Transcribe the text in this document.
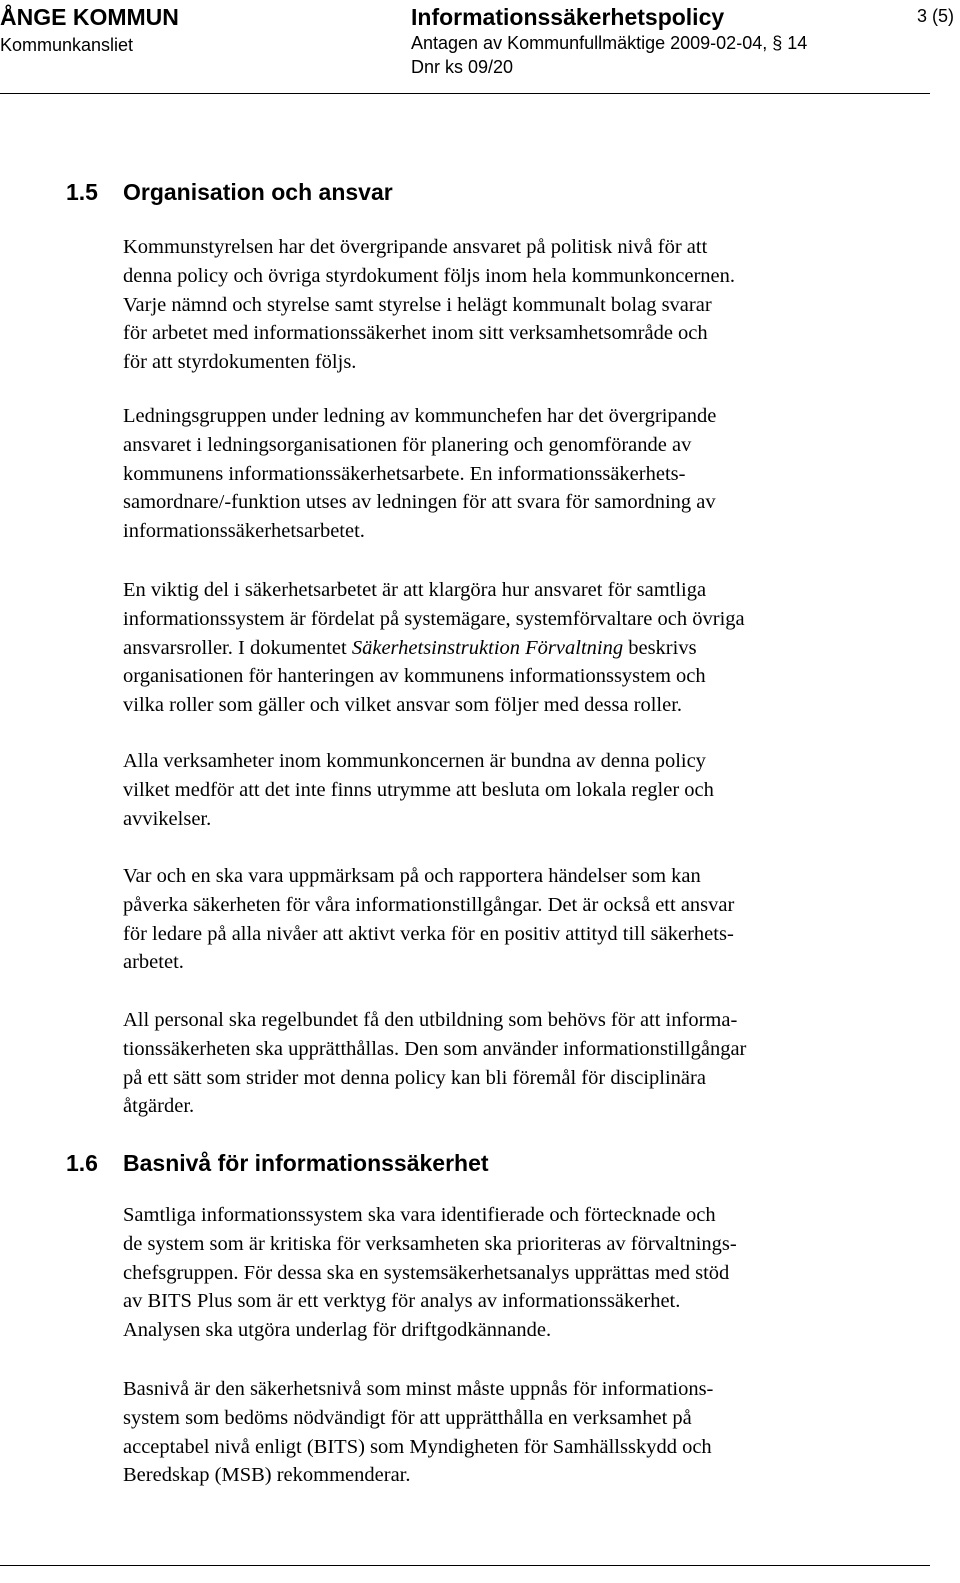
ÅNGE KOMMUN
Kommunkansliet
Informationssäkerhetspolicy
Antagen av Kommunfullmäktige 2009-02-04, § 14
Dnr ks 09/20
3 (5)
1.5 Organisation och ansvar

Kommunstyrelsen har det övergripande ansvaret på politisk nivå för att
denna policy och övriga styrdokument följs inom hela kommunkoncernen.
Varje nämnd och styrelse samt styrelse i helägt kommunalt bolag svarar
för arbetet med informationssäkerhet inom sitt verksamhetsområde och
för att styrdokumenten följs.

Ledningsgruppen under ledning av kommunchefen har det övergripande
ansvaret i ledningsorganisationen för planering och genomförande av
kommunens informationssäkerhetsarbete. En informationssäkerhets-
samordnare/-funktion utses av ledningen för att svara för samordning av
informationssäkerhetsarbetet.

En viktig del i säkerhetsarbetet är att klargöra hur ansvaret för samtliga
informationssystem är fördelat på systemägare, systemförvaltare och övriga
ansvarsroller. I dokumentet Säkerhetsinstruktion Förvaltning beskrivs
organisationen för hanteringen av kommunens informationssystem och
vilka roller som gäller och vilket ansvar som följer med dessa roller.

Alla verksamheter inom kommunkoncernen är bundna av denna policy
vilket medför att det inte finns utrymme att besluta om lokala regler och
avvikelser.

Var och en ska vara uppmärksam på och rapportera händelser som kan
påverka säkerheten för våra informationstillgångar. Det är också ett ansvar
för ledare på alla nivåer att aktivt verka för en positiv attityd till säkerhets-
arbetet.

All personal ska regelbundet få den utbildning som behövs för att informa-
tionssäkerheten ska upprätthållas. Den som använder informationstillgångar
på ett sätt som strider mot denna policy kan bli föremål för disciplinära
åtgärder.

1.6 Basnivå för informationssäkerhet

Samtliga informationssystem ska vara identifierade och förtecknade och
de system som är kritiska för verksamheten ska prioriteras av förvaltnings-
chefsgruppen. För dessa ska en systemsäkerhetsanalys upprättas med stöd
av BITS Plus som är ett verktyg för analys av informationssäkerhet.
Analysen ska utgöra underlag för driftgodkännande.

Basnivå är den säkerhetsnivå som minst måste uppnås för informations-
system som bedöms nödvändigt för att upprätthålla en verksamhet på
acceptabel nivå enligt (BITS) som Myndigheten för Samhällsskydd och
Beredskap (MSB) rekommenderar.
